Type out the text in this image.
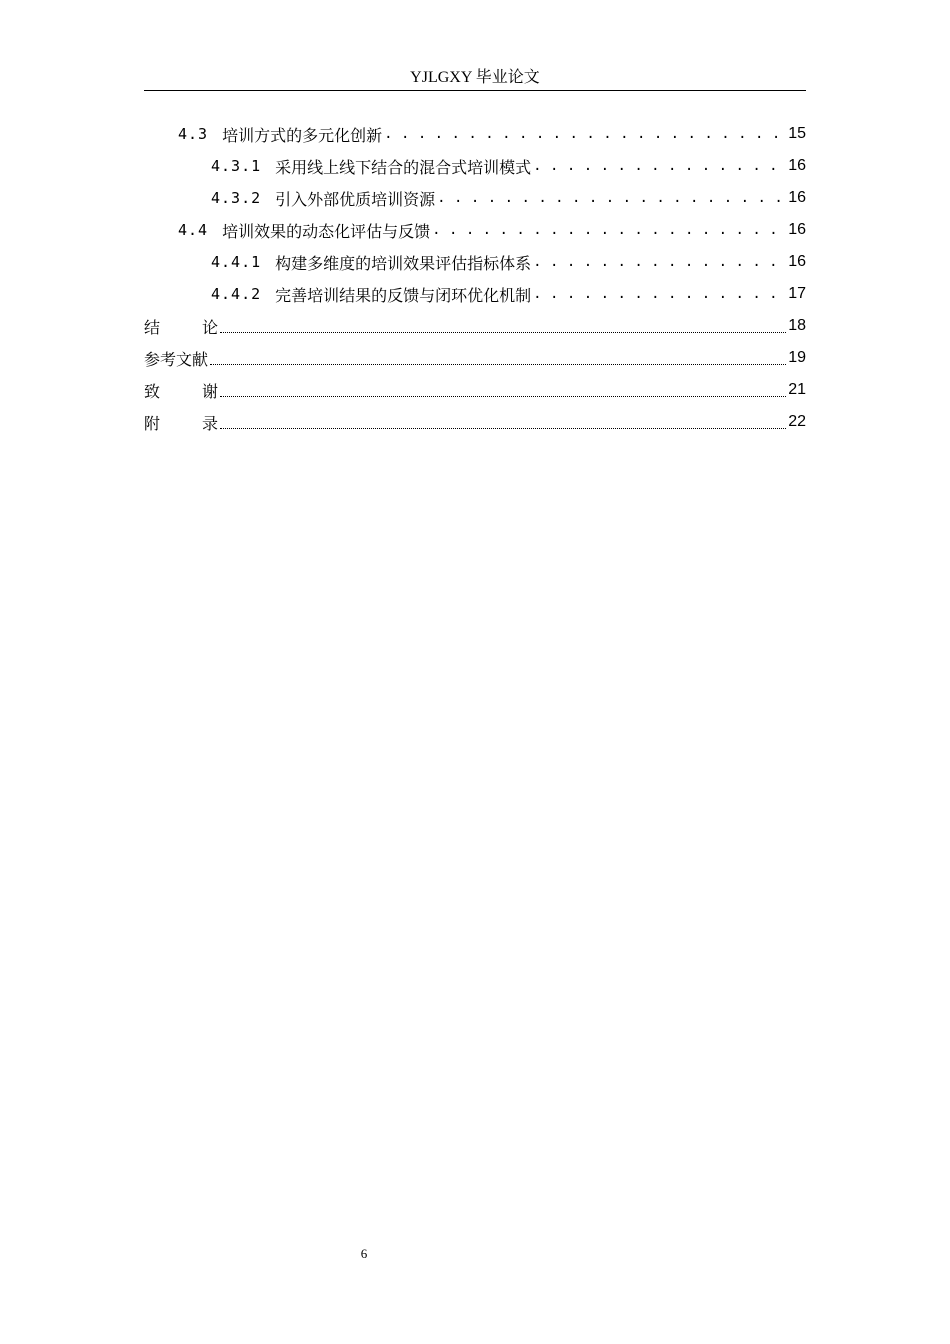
YJLGXY 毕业论文
4.3 培训方式的多元化创新 . . .	15
4.3.1 采用线上线下结合的混合式培训模式 . . .	16
4.3.2 引入外部优质培训资源 . . .	16
4.4 培训效果的动态化评估与反馈 . . .	16
4.4.1 构建多维度的培训效果评估指标体系 . . .	16
4.4.2 完善培训结果的反馈与闭环优化机制 . . .	17
结	论	18
参考文献	19
致	谢	21
附	录	22
6
